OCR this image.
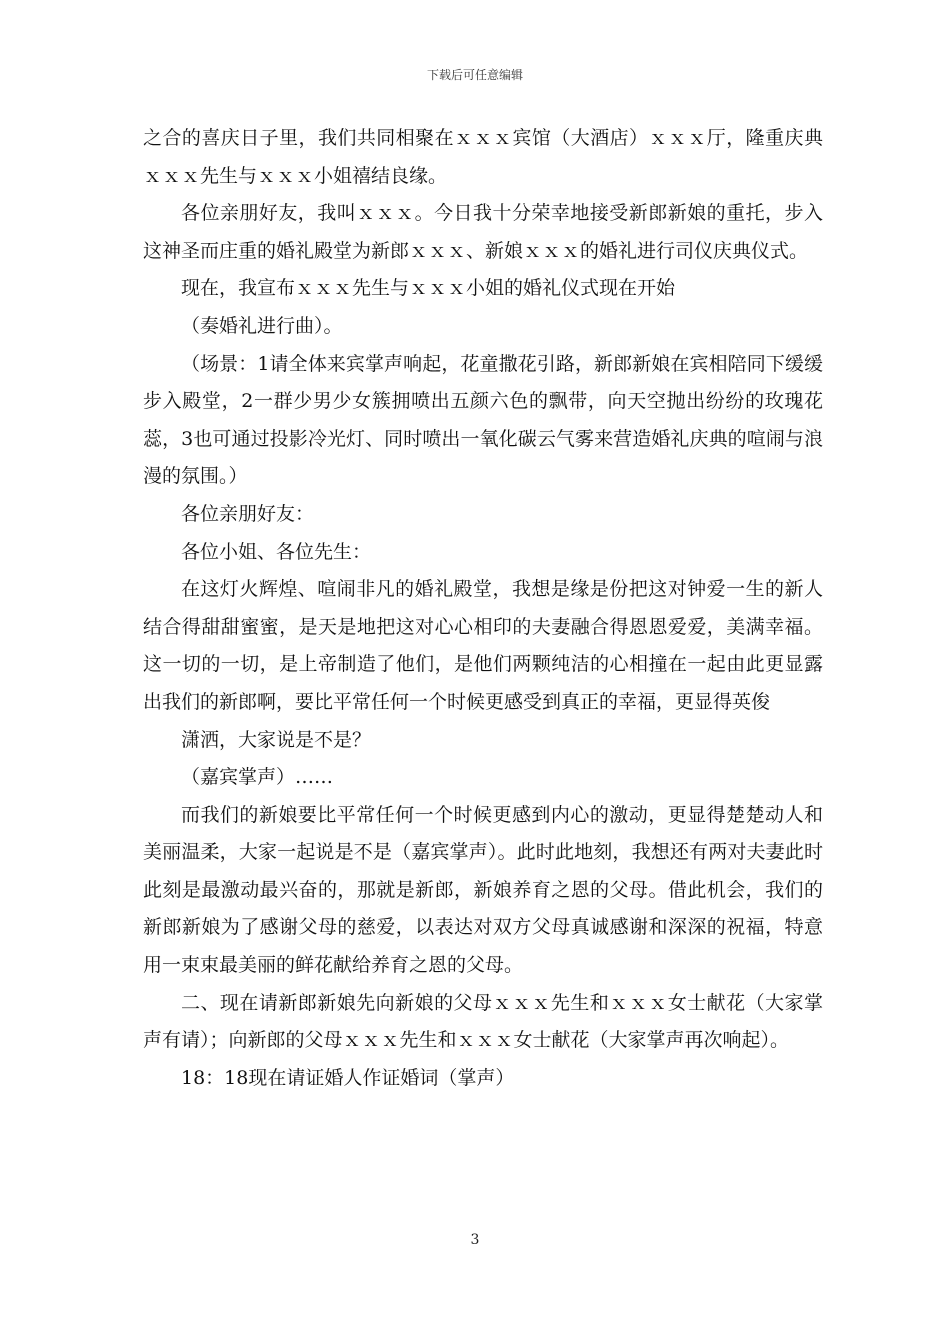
下载后可任意编辑

之合的喜庆日子里，我们共同相聚在ｘｘｘ宾馆（大酒店）ｘｘｘ厅，隆重庆典ｘｘｘ先生与ｘｘｘ小姐禧结良缘。

各位亲朋好友，我叫ｘｘｘ。今日我十分荣幸地接受新郎新娘的重托，步入这神圣而庄重的婚礼殿堂为新郎ｘｘｘ、新娘ｘｘｘ的婚礼进行司仪庆典仪式。

现在，我宣布ｘｘｘ先生与ｘｘｘ小姐的婚礼仪式现在开始

（奏婚礼进行曲）。

（场景：1请全体来宾掌声响起，花童撒花引路，新郎新娘在宾相陪同下缓缓步入殿堂，2一群少男少女簇拥喷出五颜六色的飘带，向天空抛出纷纷的玫瑰花蕊，3也可通过投影冷光灯、同时喷出一氧化碳云气雾来营造婚礼庆典的喧闹与浪漫的氛围。）

各位亲朋好友：

各位小姐、各位先生：

在这灯火辉煌、喧闹非凡的婚礼殿堂，我想是缘是份把这对钟爱一生的新人结合得甜甜蜜蜜，是天是地把这对心心相印的夫妻融合得恩恩爱爱，美满幸福。这一切的一切，是上帝制造了他们，是他们两颗纯洁的心相撞在一起由此更显露出我们的新郎啊，要比平常任何一个时候更感受到真正的幸福，更显得英俊

潇洒，大家说是不是？

（嘉宾掌声）……

而我们的新娘要比平常任何一个时候更感到内心的激动，更显得楚楚动人和美丽温柔，大家一起说是不是（嘉宾掌声）。此时此地刻，我想还有两对夫妻此时此刻是最激动最兴奋的，那就是新郎，新娘养育之恩的父母。借此机会，我们的新郎新娘为了感谢父母的慈爱，以表达对双方父母真诚感谢和深深的祝福，特意用一束束最美丽的鲜花献给养育之恩的父母。

二、现在请新郎新娘先向新娘的父母ｘｘｘ先生和ｘｘｘ女士献花（大家掌声有请）；向新郎的父母ｘｘｘ先生和ｘｘｘ女士献花（大家掌声再次响起）。

18：18现在请证婚人作证婚词（掌声）

3
